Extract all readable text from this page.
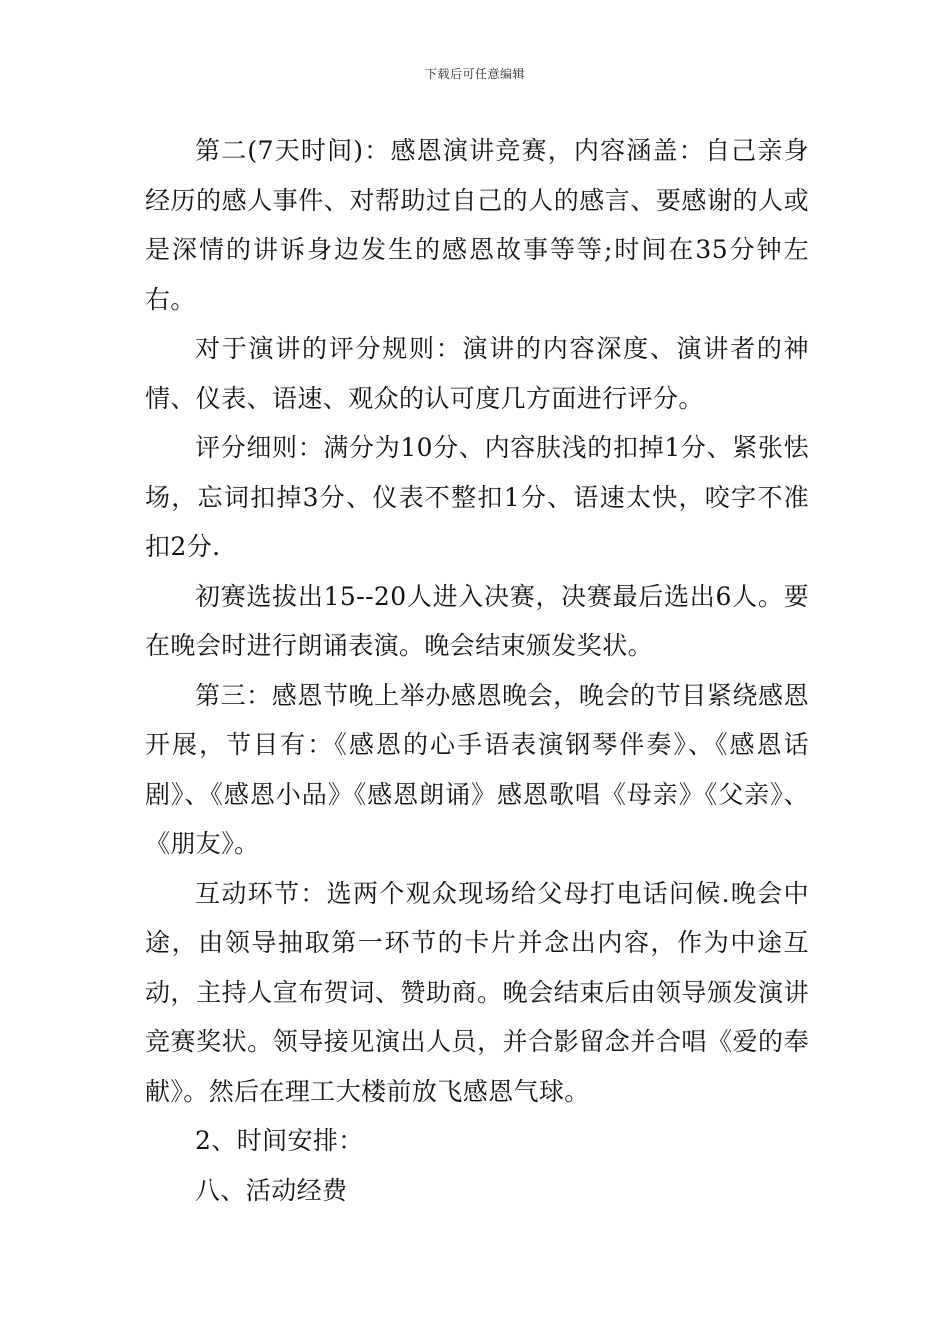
下载后可任意编辑

第二(7天时间)：感恩演讲竞赛，内容涵盖：自己亲身经历的感人事件、对帮助过自己的人的感言、要感谢的人或是深情的讲诉身边发生的感恩故事等等;时间在35分钟左右。

对于演讲的评分规则：演讲的内容深度、演讲者的神情、仪表、语速、观众的认可度几方面进行评分。

评分细则：满分为10分、内容肤浅的扣掉1分、紧张怯场，忘词扣掉3分、仪表不整扣1分、语速太快，咬字不准扣2分.

初赛选拔出15--20人进入决赛，决赛最后选出6人。要在晚会时进行朗诵表演。晚会结束颁发奖状。

第三：感恩节晚上举办感恩晚会，晚会的节目紧绕感恩开展，节目有：《感恩的心手语表演钢琴伴奏》、《感恩话剧》、《感恩小品》《感恩朗诵》感恩歌唱《母亲》《父亲》、《朋友》。

互动环节：选两个观众现场给父母打电话问候.晚会中途，由领导抽取第一环节的卡片并念出内容，作为中途互动，主持人宣布贺词、赞助商。晚会结束后由领导颁发演讲竞赛奖状。领导接见演出人员，并合影留念并合唱《爱的奉献》。然后在理工大楼前放飞感恩气球。

2、时间安排：

八、活动经费
